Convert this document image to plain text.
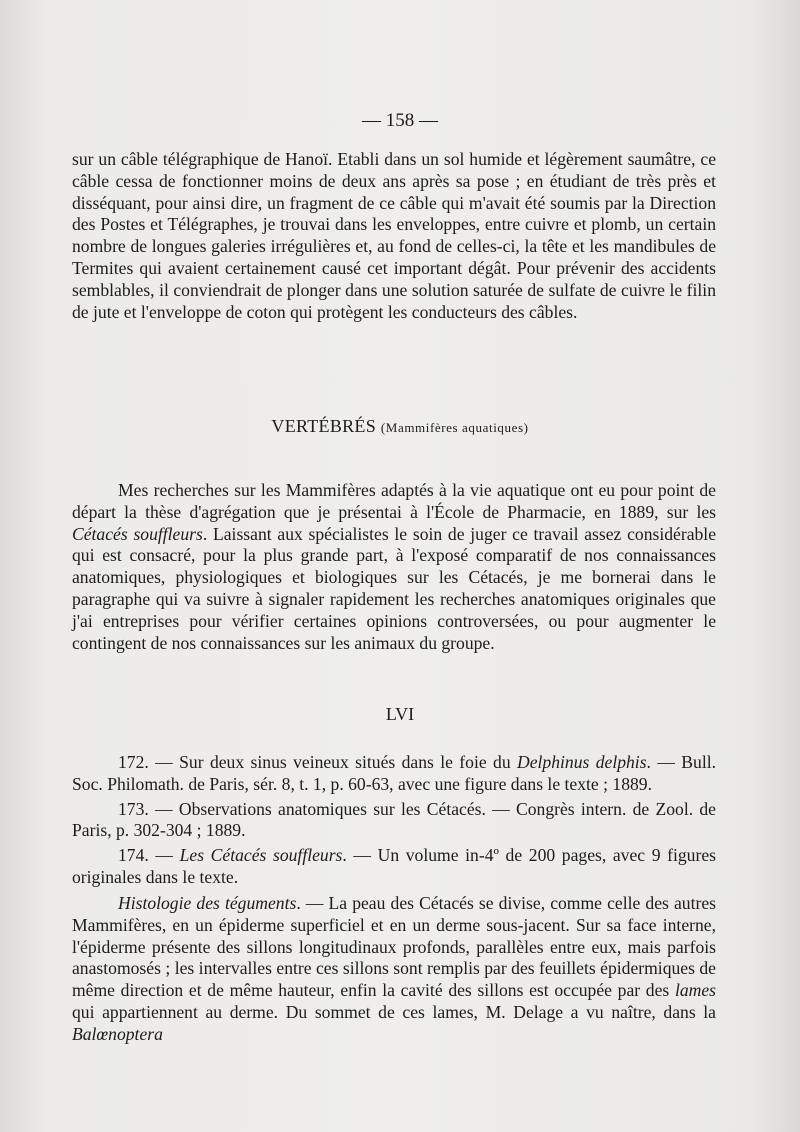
— 158 —

sur un câble télégraphique de Hanoï. Etabli dans un sol humide et légèrement saumâtre, ce câble cessa de fonctionner moins de deux ans après sa pose ; en étudiant de très près et disséquant, pour ainsi dire, un fragment de ce câble qui m'avait été soumis par la Direction des Postes et Télégraphes, je trouvai dans les enveloppes, entre cuivre et plomb, un certain nombre de longues galeries irrégulières et, au fond de celles-ci, la tête et les mandibules de Termites qui avaient certainement causé cet important dégât. Pour prévenir des accidents semblables, il conviendrait de plonger dans une solution saturée de sulfate de cuivre le filin de jute et l'enveloppe de coton qui protègent les conducteurs des câbles.

VERTÉBRÉS (Mammifères aquatiques)

Mes recherches sur les Mammifères adaptés à la vie aquatique ont eu pour point de départ la thèse d'agrégation que je présentai à l'École de Pharmacie, en 1889, sur les Cétacés souffleurs. Laissant aux spécialistes le soin de juger ce travail assez considérable qui est consacré, pour la plus grande part, à l'exposé comparatif de nos connaissances anatomiques, physiologiques et biologiques sur les Cétacés, je me bornerai dans le paragraphe qui va suivre à signaler rapidement les recherches anatomiques originales que j'ai entreprises pour vérifier certaines opinions controversées, ou pour augmenter le contingent de nos connaissances sur les animaux du groupe.

LVI

172. — Sur deux sinus veineux situés dans le foie du Delphinus delphis. — Bull. Soc. Philomath. de Paris, sér. 8, t. 1, p. 60-63, avec une figure dans le texte ; 1889.

173. — Observations anatomiques sur les Cétacés. — Congrès intern. de Zool. de Paris, p. 302-304 ; 1889.

174. — Les Cétacés souffleurs. — Un volume in-4º de 200 pages, avec 9 figures originales dans le texte.

Histologie des téguments. — La peau des Cétacés se divise, comme celle des autres Mammifères, en un épiderme superficiel et en un derme sous-jacent. Sur sa face interne, l'épiderme présente des sillons longitudinaux profonds, parallèles entre eux, mais parfois anastomosés ; les intervalles entre ces sillons sont remplis par des feuillets épidermiques de même direction et de même hauteur, enfin la cavité des sillons est occupée par des lames qui appartiennent au derme. Du sommet de ces lames, M. Delage a vu naître, dans la Balœnoptera
